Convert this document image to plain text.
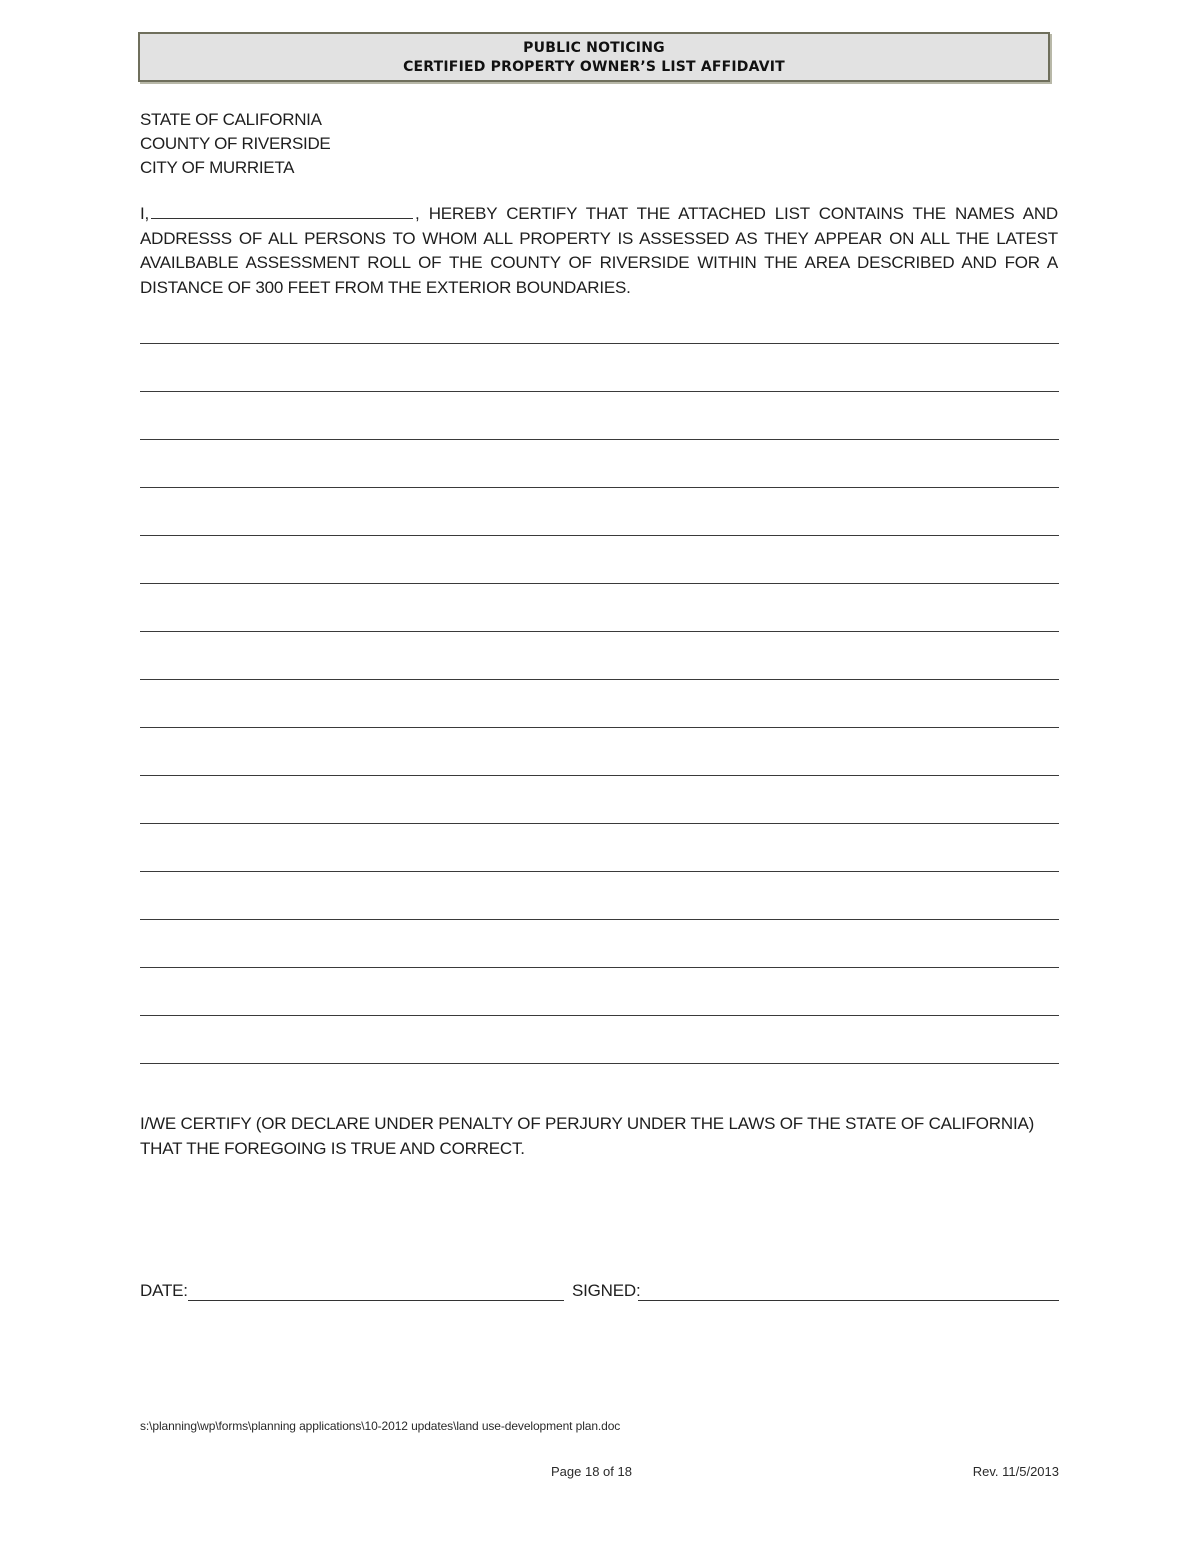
PUBLIC NOTICING
CERTIFIED PROPERTY OWNER’S LIST AFFIDAVIT
STATE OF CALIFORNIA
COUNTY OF RIVERSIDE
CITY OF MURRIETA
I,	, HEREBY CERTIFY THAT THE ATTACHED LIST CONTAINS THE NAMES AND ADDRESSS OF ALL PERSONS TO WHOM ALL PROPERTY IS ASSESSED AS THEY APPEAR ON ALL THE LATEST AVAILBABLE ASSESSMENT ROLL OF THE COUNTY OF RIVERSIDE WITHIN THE AREA DESCRIBED AND FOR A DISTANCE OF 300 FEET FROM THE EXTERIOR BOUNDARIES.
I/WE CERTIFY (OR DECLARE UNDER PENALTY OF PERJURY UNDER THE LAWS OF THE STATE OF CALIFORNIA) THAT THE FOREGOING IS TRUE AND CORRECT.
DATE:	SIGNED:
s:\planning\wp\forms\planning applications\10-2012 updates\land use-development plan.doc
Page 18 of 18	Rev. 11/5/2013
